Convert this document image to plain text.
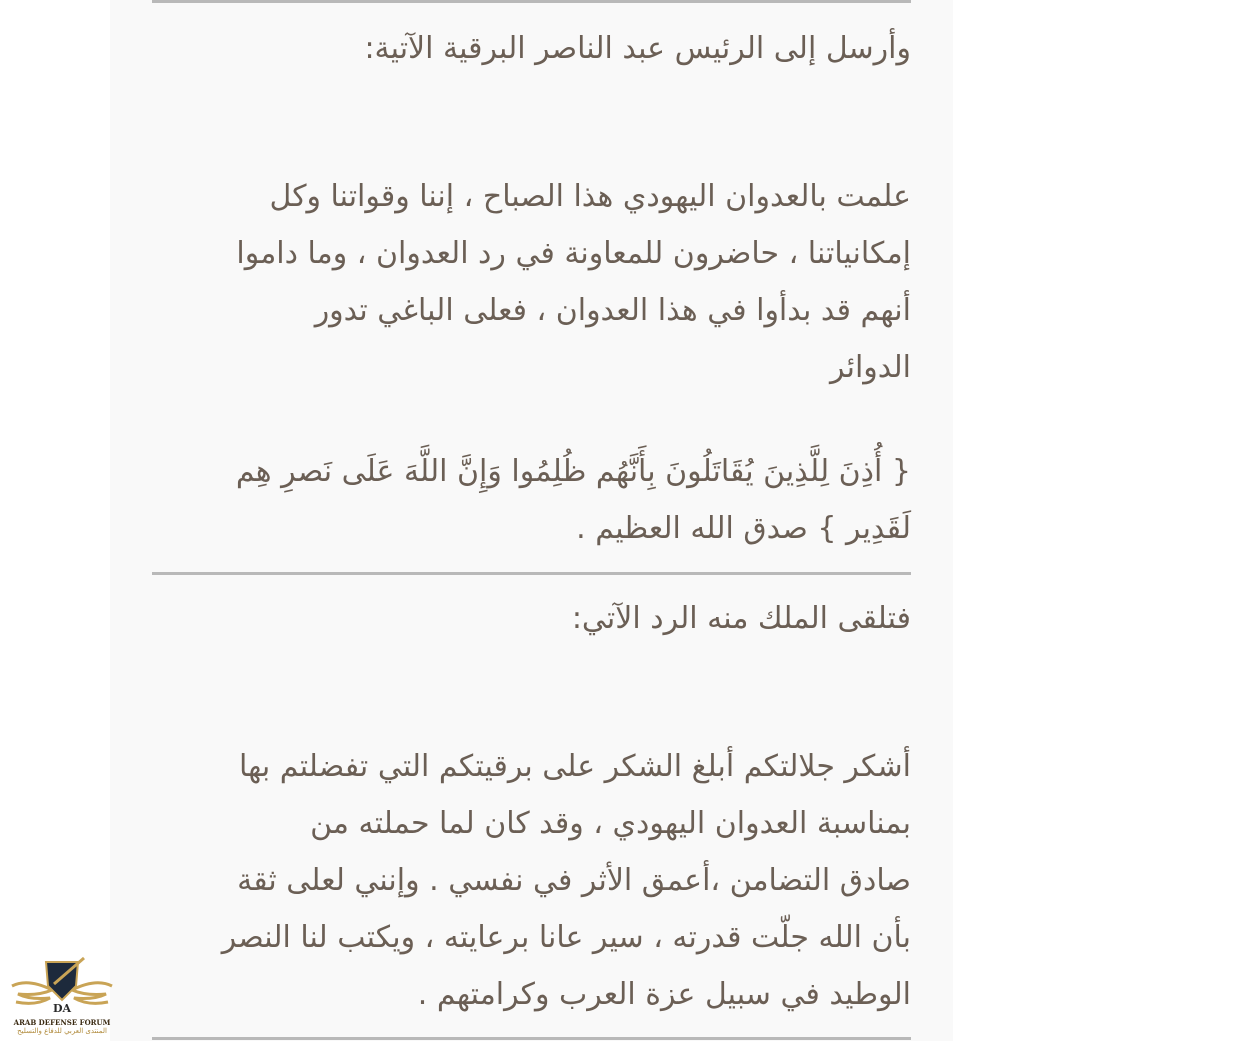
وأرسل إلى الرئيس عبد الناصر البرقية الآتية:

علمت بالعدوان اليهودي هذا الصباح ، إننا وقواتنا وكل
إمكانياتنا ، حاضرون للمعاونة في رد العدوان ، وما داموا
أنهم قد بدأوا في هذا العدوان ، فعلى الباغي تدور
الدوائر

{ أُذِنَ لِلَّذِينَ يُقَاتَلُونَ بِأَنَّهُم ظُلِمُوا وَإِنَّ اللَّهَ عَلَى نَصرِ هِم
لَقَدِير } صدق الله العظيم .

فتلقى الملك منه الرد الآتي:

أشكر جلالتكم أبلغ الشكر على برقيتكم التي تفضلتم بها
بمناسبة العدوان اليهودي ، وقد كان لما حملته من
صادق التضامن ،أعمق الأثر في نفسي . وإنني لعلى ثقة
بأن الله جلّت قدرته ، سير عانا برعايته ، ويكتب لنا النصر
الوطيد في سبيل عزة العرب وكرامتهم .

DA
ARAB DEFENSE FORUM
المنتدى العربي للدفاع والتسليح
